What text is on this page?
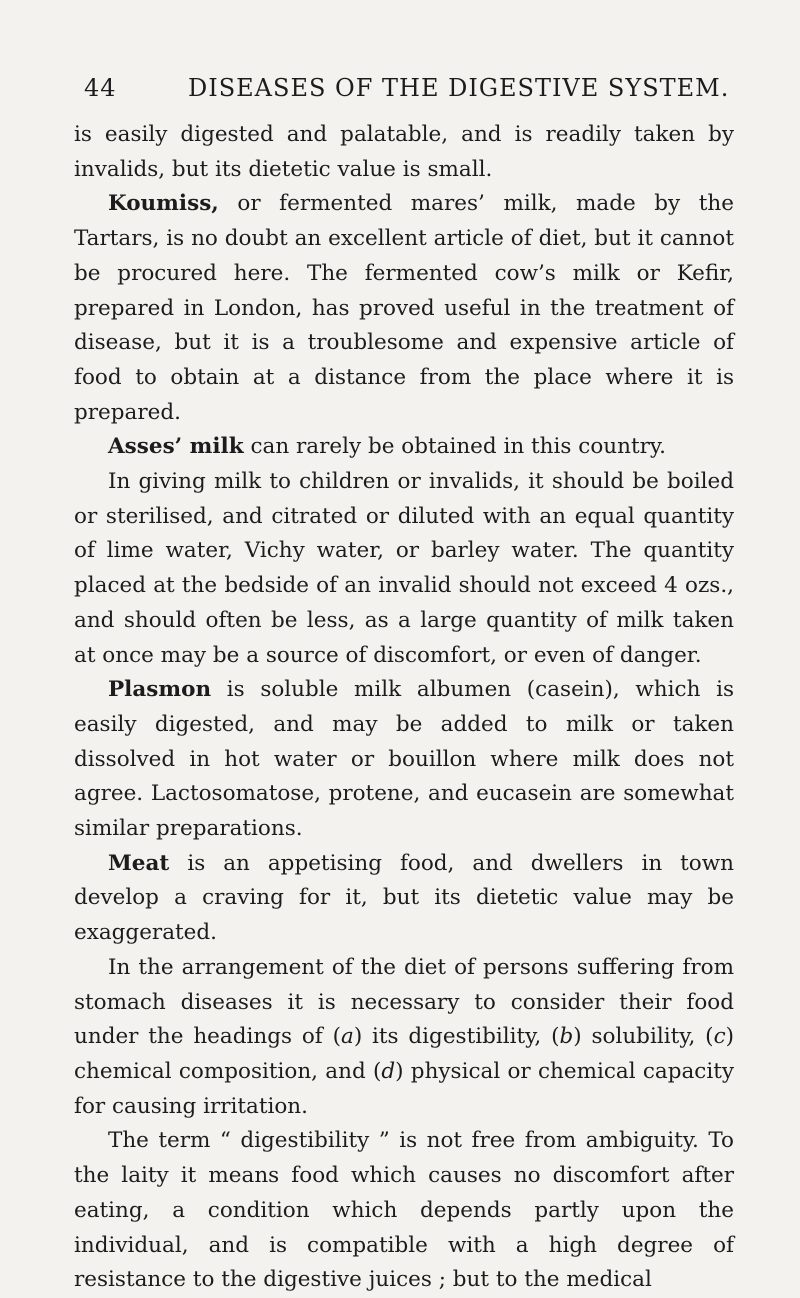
44	DISEASES OF THE DIGESTIVE SYSTEM.

is easily digested and palatable, and is readily taken by invalids, but its dietetic value is small.

Koumiss, or fermented mares’ milk, made by the Tartars, is no doubt an excellent article of diet, but it cannot be procured here. The fermented cow’s milk or Kefir, prepared in London, has proved useful in the treatment of disease, but it is a troublesome and expensive article of food to obtain at a distance from the place where it is prepared.

Asses’ milk can rarely be obtained in this country.

In giving milk to children or invalids, it should be boiled or sterilised, and citrated or diluted with an equal quantity of lime water, Vichy water, or barley water. The quantity placed at the bedside of an invalid should not exceed 4 ozs., and should often be less, as a large quantity of milk taken at once may be a source of discomfort, or even of danger.

Plasmon is soluble milk albumen (casein), which is easily digested, and may be added to milk or taken dissolved in hot water or bouillon where milk does not agree. Lactosomatose, protene, and eucasein are somewhat similar preparations.

Meat is an appetising food, and dwellers in town develop a craving for it, but its dietetic value may be exaggerated.

In the arrangement of the diet of persons suffering from stomach diseases it is necessary to consider their food under the headings of (a) its digestibility, (b) solubility, (c) chemical composition, and (d) physical or chemical capacity for causing irritation.

The term “ digestibility ” is not free from ambiguity. To the laity it means food which causes no discomfort after eating, a condition which depends partly upon the individual, and is compatible with a high degree of resistance to the digestive juices ; but to the medical
